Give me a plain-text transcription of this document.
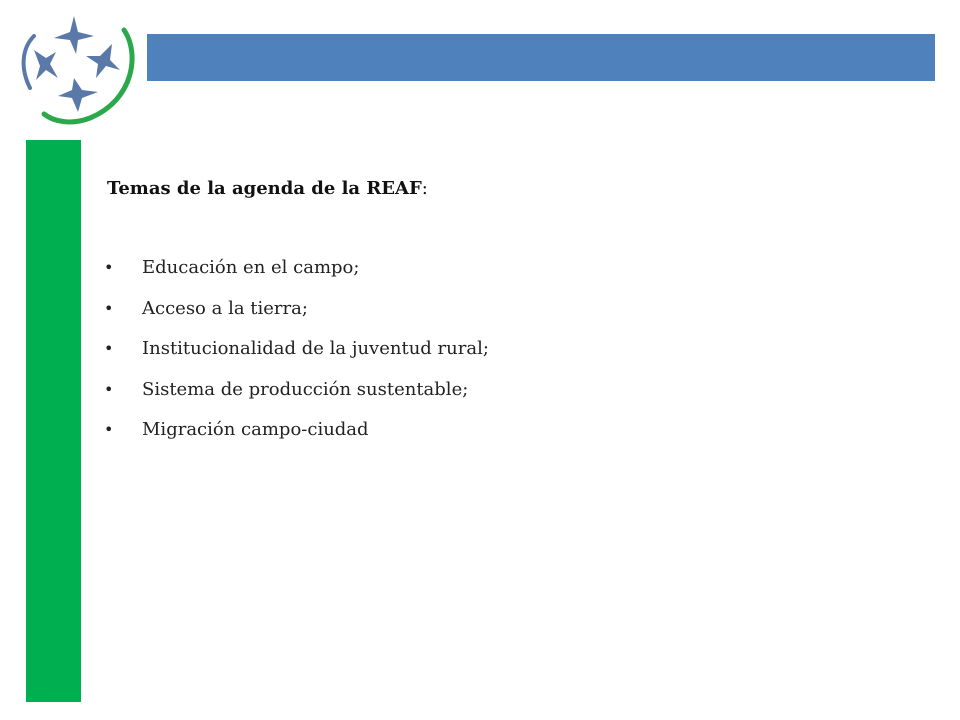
Temas de la agenda de la REAF:
•	Educación en el campo;
•	Acceso a la tierra;
•	Institucionalidad de la juventud rural;
•	Sistema de producción sustentable;
•	Migración campo-ciudad
